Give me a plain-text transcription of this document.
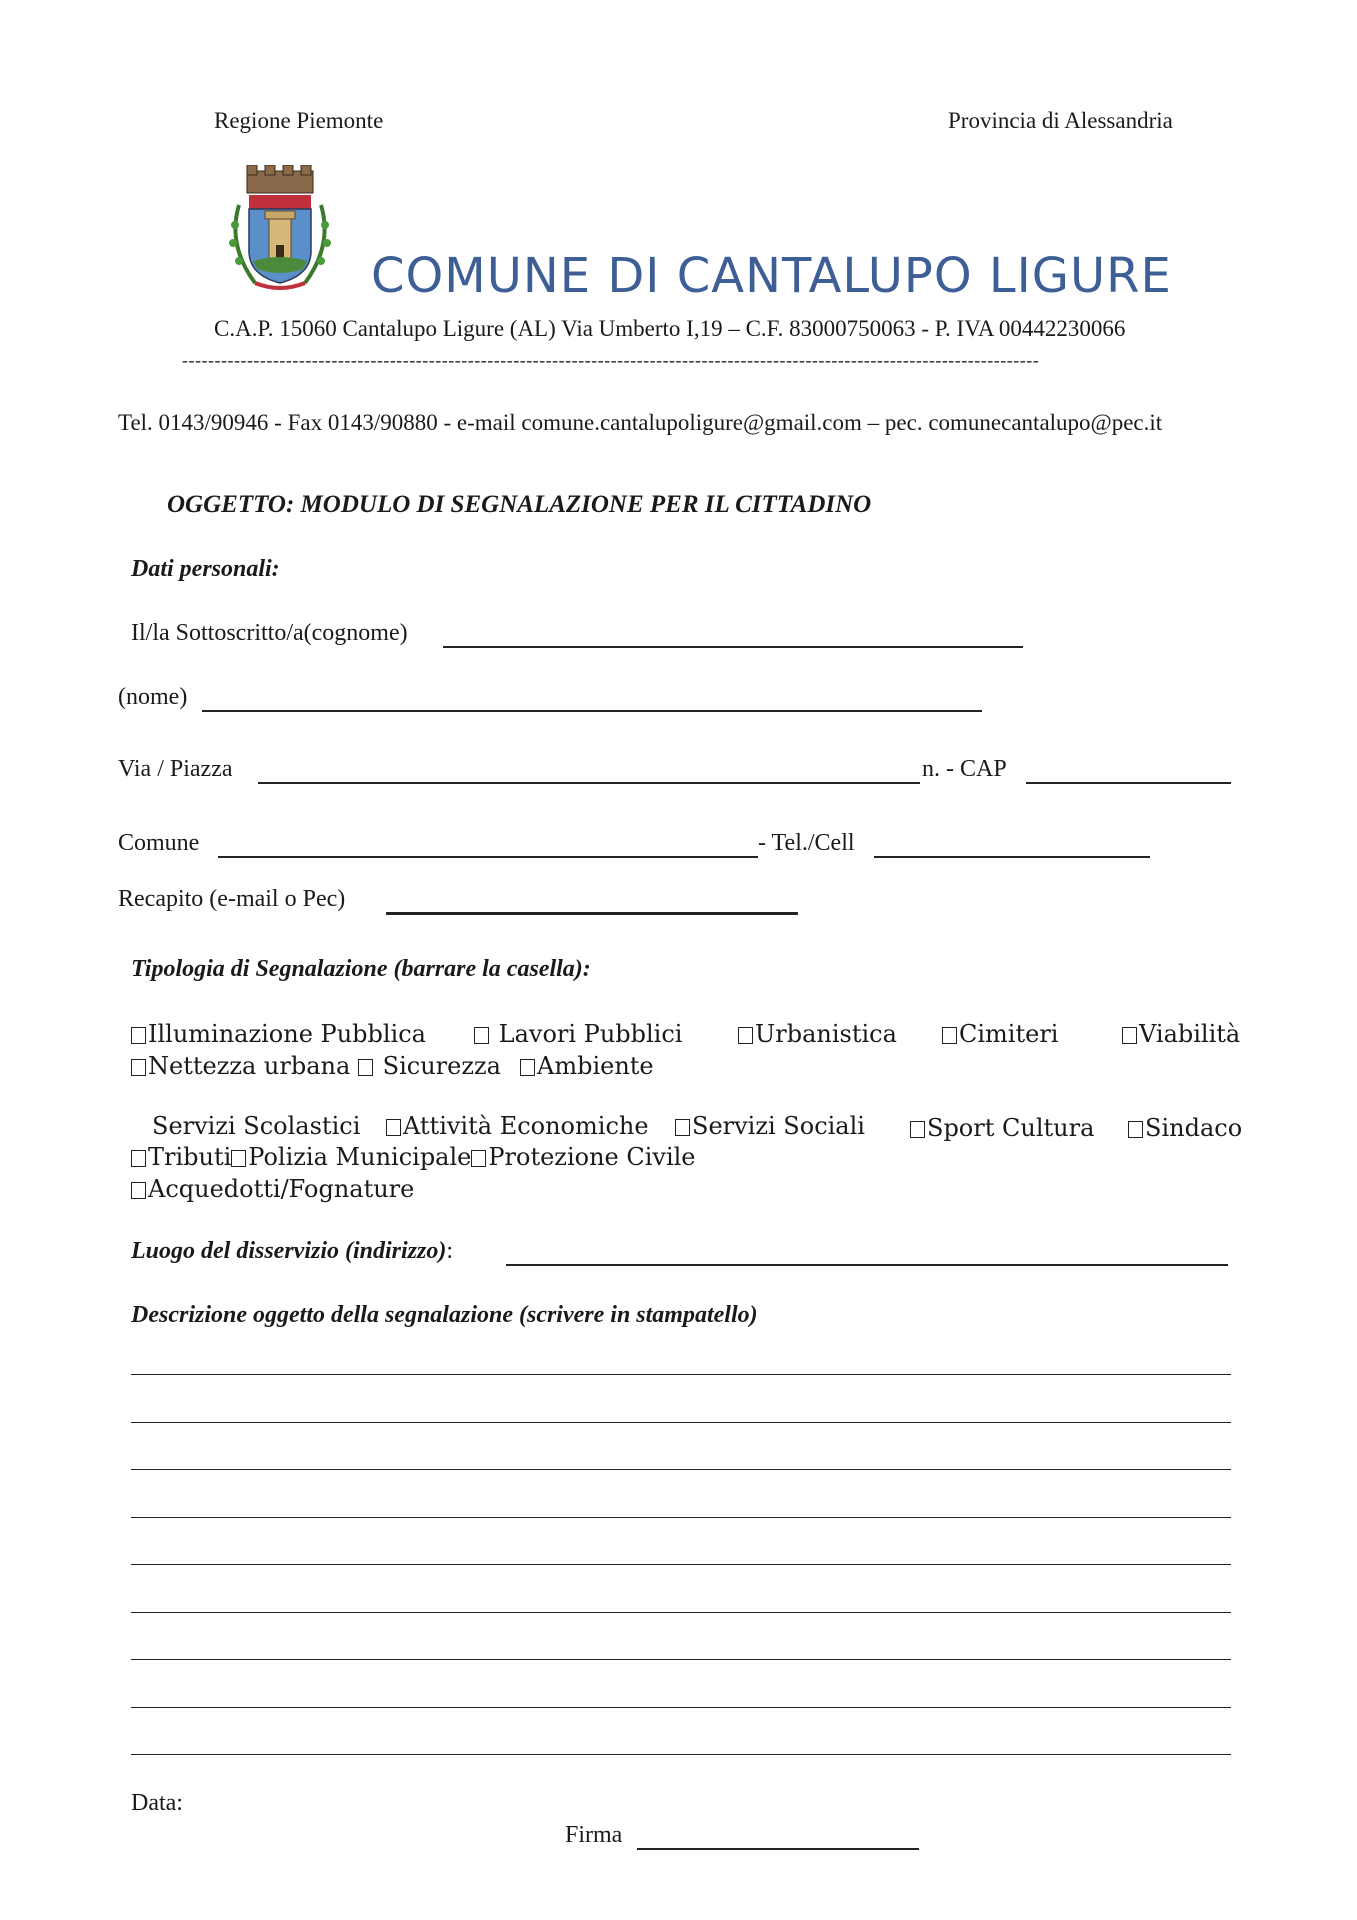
Regione Piemonte	Provincia di Alessandria
COMUNE DI CANTALUPO LIGURE
C.A.P. 15060 Cantalupo Ligure (AL) Via Umberto I,19 – C.F. 83000750063 - P. IVA 00442230066
------------------------------------------------------------------------------------------------------------------------------------
Tel. 0143/90946 - Fax 0143/90880 - e-mail comune.cantalupoligure@gmail.com – pec. comunecantalupo@pec.it
OGGETTO: MODULO DI SEGNALAZIONE PER IL CITTADINO
Dati personali:
Il/la Sottoscritto/a(cognome)
(nome)
Via / Piazza	n. - CAP
Comune	- Tel./Cell
Recapito (e-mail o Pec)
Tipologia di Segnalazione (barrare la casella):
Illuminazione Pubblica	Lavori Pubblici	Urbanistica	Cimiteri	Viabilità
Nettezza urbana	Sicurezza	Ambiente
Servizi Scolastici	Attività Economiche	Servizi Sociali	Sport Cultura	Sindaco
Tributi Polizia Municipale Protezione Civile
Acquedotti/Fognature
Luogo del disservizio (indirizzo):
Descrizione oggetto della segnalazione (scrivere in stampatello)
Data:
Firma
